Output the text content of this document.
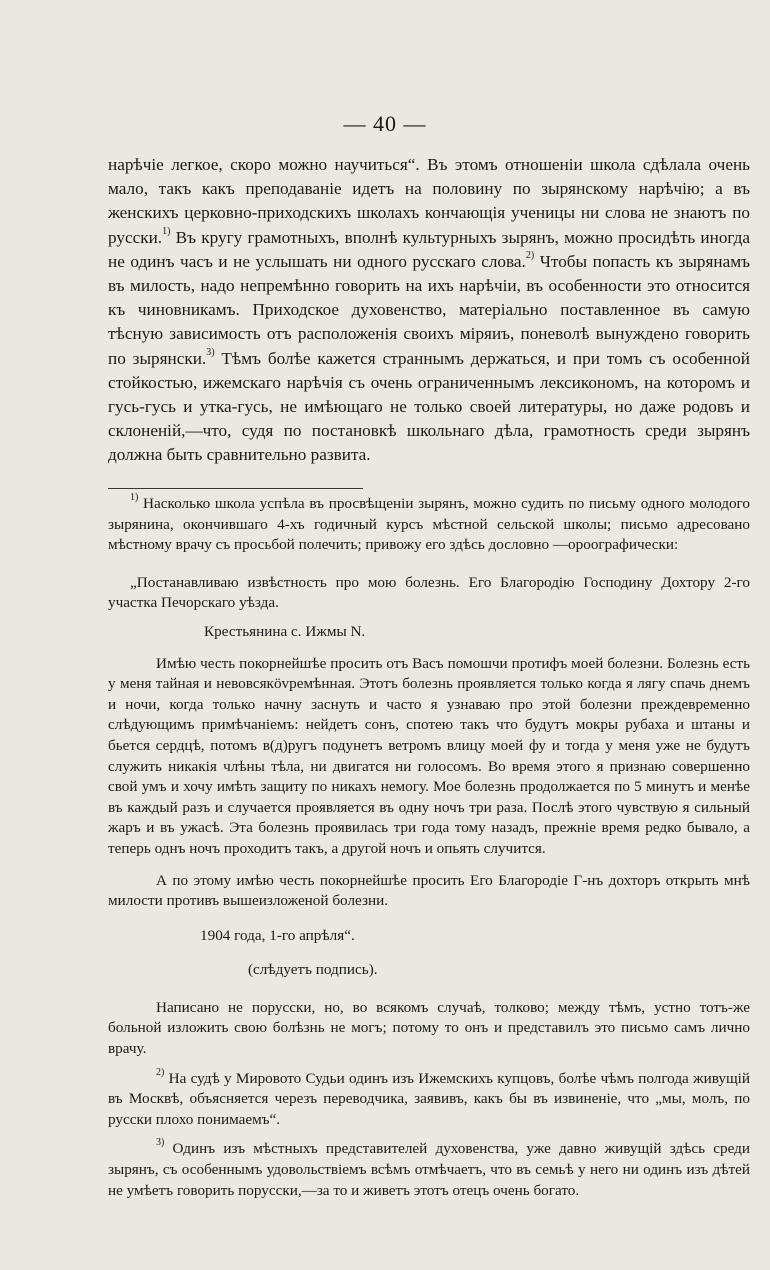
— 40 —

нарѣчіе легкое, скоро можно научиться“. Въ этомъ отношеніи школа сдѣлала очень мало, такъ какъ преподаваніе идетъ на половину по зырянскому нарѣчію; а въ женскихъ церковно-приходскихъ школахъ кончающія ученицы ни слова не знаютъ по русски.$^{1)}$ Въ кругу грамотныхъ, вполнѣ культурныхъ зырянъ, можно просидѣть иногда не одинъ часъ и не услышать ни одного русскаго слова.$^{2)}$ Чтобы попасть къ зырянамъ въ милость, надо непремѣнно говорить на ихъ нарѣчіи, въ особенности это относится къ чиновникамъ. Приходское духовенство, матеріально поставленное въ самую тѣсную зависимость отъ расположенія своихъ міряиъ, поневолѣ вынуждено говорить по зырянски.$^{3)}$ Тѣмъ болѣе кажется страннымъ держаться, и при томъ съ особенной стойкостью, ижемскаго нарѣчія съ очень ограниченнымъ лексикономъ, на которомъ и гусь-гусь и утка-гусь, не имѣющаго не только своей литературы, но даже родовъ и склоненій,—что, судя по постановкѣ школьнаго дѣла, грамотность среди зырянъ должна быть сравнительно развита.

$^{1)}$ Насколько школа успѣла въ просвѣщеніи зырянъ, можно судить по письму одного молодого зырянина, окончившаго 4-хъ годичный курсъ мѣстной сельской школы; письмо адресовано мѣстному врачу съ просьбой полечить; привожу его здѣсь дословно —ороографически:

„Постанавливаю извѣстность про мою болезнь. Его Благородію Господину Дохтору 2-го участка Печорскаго уѣзда.

Крестьянина с. Ижмы N.

Имѣю честь покорнейшѣе просить отъ Васъ помошчи протифъ моей болезни. Болезнь есть у меня тайная и невовсякövремѣнная. Этотъ болезнь проявляется только когда я лягу спачь днемъ и ночи, когда только начну заснуть и часто я узнаваю про этой болезни преждевременно слѣдующимъ примѣчаніемъ: нейдетъ сонъ, спотею такъ что будутъ мокры рубаха и штаны и бьется сердцѣ, потомъ в(д)ругъ подунетъ ветромъ влицу моей фу и тогда у меня уже не будутъ служить никакія члѣны тѣла, ни двигатся ни голосомъ. Во время этого я признаю совершенно свой умъ и хочу имѣть защиту по никахъ немогу. Мое болезнь продолжается по 5 минутъ и менѣе въ каждый разъ и случается проявляется въ одну ночъ три раза. Послѣ этого чувствую я сильный жаръ и въ ужасѣ. Эта болезнь проявилась три года тому назадъ, прежніе время редко бывало, а теперь однъ ночъ проходитъ такъ, а другой ночъ и опьять случится.

А по этому имѣю честь покорнейшѣе просить Его Благородіе Г-нъ дохторъ открыть мнѣ милости противъ вышеизложеной болезни.

1904 года, 1-го апрѣля“.

(слѣдуетъ подпись).

Написано не порусски, но, во всякомъ случаѣ, толково; между тѣмъ, устно тотъ-же больной изложить свою болѣзнь не могъ; потому то онъ и представилъ это письмо самъ лично врачу.

$^{2)}$ На судѣ у Мировото Судьи одинъ изъ Ижемскихъ купцовъ, болѣе чѣмъ полгода живущій въ Москвѣ, объясняется черезъ переводчика, заявивъ, какъ бы въ извиненіе, что „мы, молъ, по русски плохо понимаемъ“.

$^{3)}$ Одинъ изъ мѣстныхъ представителей духовенства, уже давно живущій здѣсь среди зырянъ, съ особеннымъ удовольствіемъ всѣмъ отмѣчаетъ, что въ семьѣ у него ни одинъ изъ дѣтей не умѣетъ говорить порусски,—за то и живетъ этотъ отецъ очень богато.
